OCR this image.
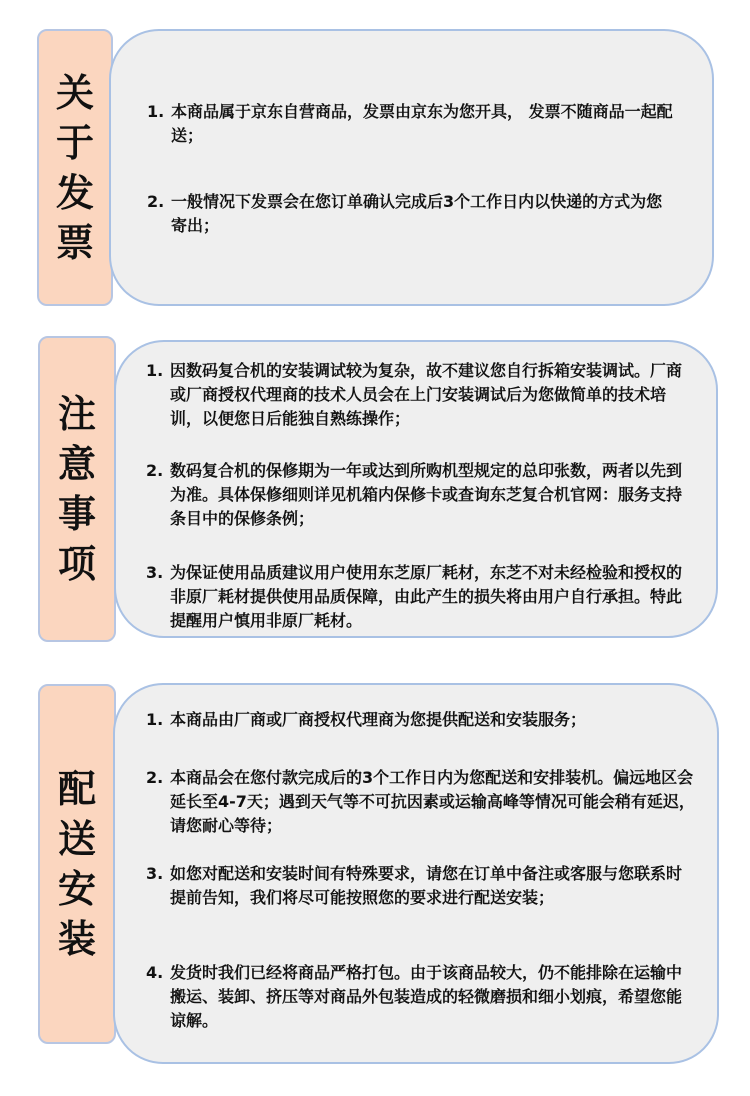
关
于
发
票
1. 本商品属于京东自营商品，发票由京东为您开具， 发票不随商品一起配送；
2. 一般情况下发票会在您订单确认完成后3个工作日内以快递的方式为您寄出；
注
意
事
项
1. 因数码复合机的安装调试较为复杂，故不建议您自行拆箱安装调试。厂商或厂商授权代理商的技术人员会在上门安装调试后为您做简单的技术培训，以便您日后能独自熟练操作；
2. 数码复合机的保修期为一年或达到所购机型规定的总印张数，两者以先到为准。具体保修细则详见机箱内保修卡或查询东芝复合机官网：服务支持条目中的保修条例；
3. 为保证使用品质建议用户使用东芝原厂耗材，东芝不对未经检验和授权的非原厂耗材提供使用品质保障，由此产生的损失将由用户自行承担。特此提醒用户慎用非原厂耗材。
配
送
安
装
1. 本商品由厂商或厂商授权代理商为您提供配送和安装服务；
2. 本商品会在您付款完成后的3个工作日内为您配送和安排装机。偏远地区会延长至4-7天；遇到天气等不可抗因素或运输高峰等情况可能会稍有延迟，请您耐心等待；
3. 如您对配送和安装时间有特殊要求，请您在订单中备注或客服与您联系时提前告知，我们将尽可能按照您的要求进行配送安装；
4. 发货时我们已经将商品严格打包。由于该商品较大，仍不能排除在运输中搬运、装卸、挤压等对商品外包装造成的轻微磨损和细小划痕，希望您能谅解。
